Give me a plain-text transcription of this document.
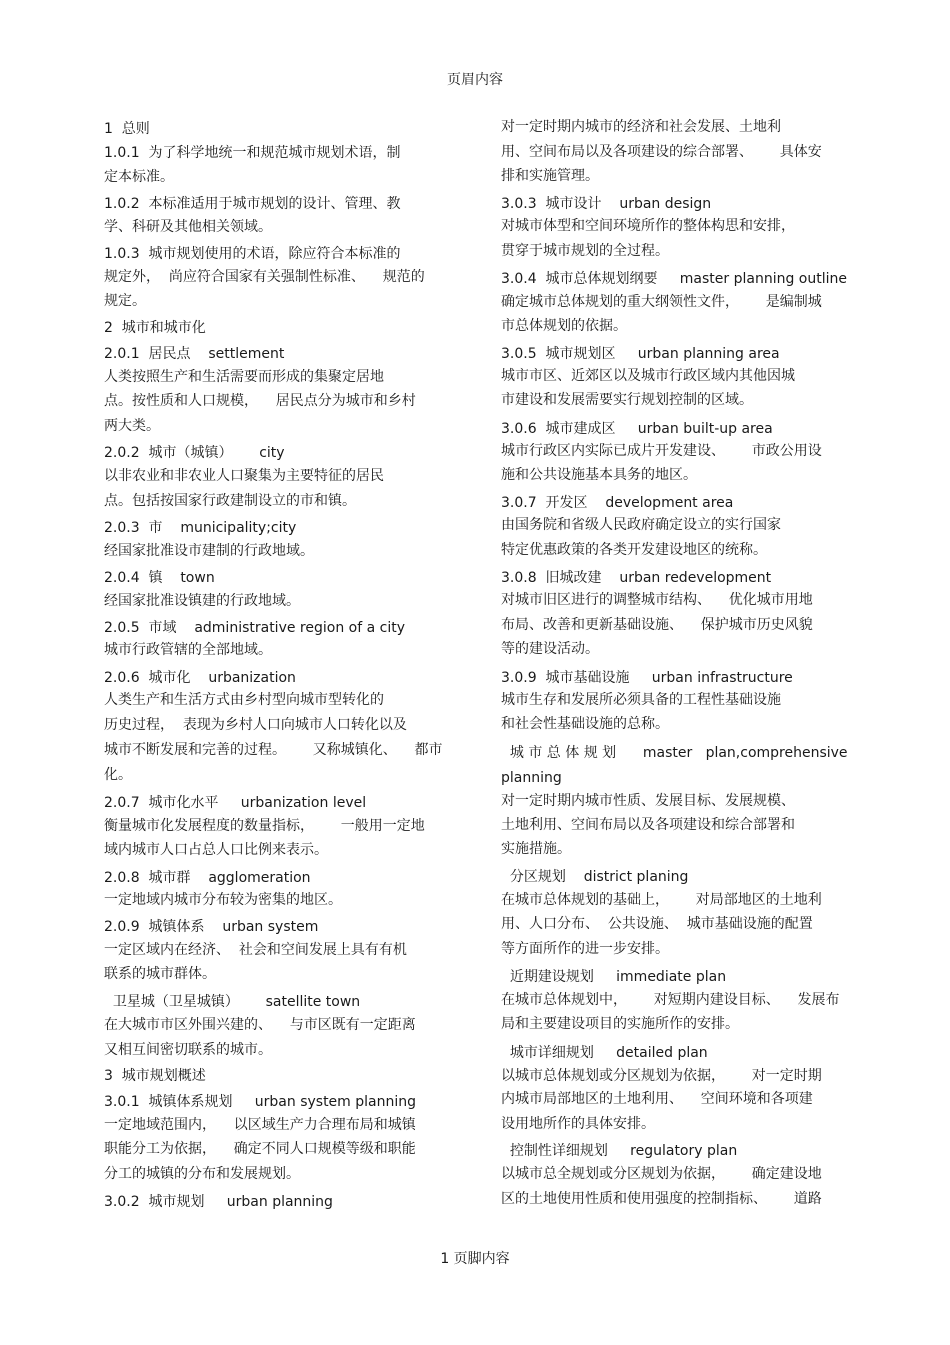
页眉内容
1  总则
1.0.1  为了科学地统一和规范城市规划术语，制
定本标准。
1.0.2  本标准适用于城市规划的设计、管理、教
学、科研及其他相关领域。
1.0.3  城市规划使用的术语，除应符合本标准的
规定外，  尚应符合国家有关强制性标准、    规范的
规定。
2  城市和城市化
2.0.1  居民点    settlement
人类按照生产和生活需要而形成的集聚定居地
点。按性质和人口规模，    居民点分为城市和乡村
两大类。
2.0.2  城市（城镇）      city
以非农业和非农业人口聚集为主要特征的居民
点。包括按国家行政建制设立的市和镇。
2.0.3  市    municipality;city
经国家批准设市建制的行政地域。
2.0.4  镇    town
经国家批准设镇建的行政地域。
2.0.5  市域    administrative region of a city
城市行政管辖的全部地域。
2.0.6  城市化    urbanization
人类生产和生活方式由乡村型向城市型转化的
历史过程，  表现为乡村人口向城市人口转化以及
城市不断发展和完善的过程。      又称城镇化、    都市
化。
2.0.7  城市化水平     urbanization level
衡量城市化发展程度的数量指标，      一般用一定地
域内城市人口占总人口比例来表示。
2.0.8  城市群    agglomeration
一定地域内城市分布较为密集的地区。
2.0.9  城镇体系    urban system
一定区域内在经济、  社会和空间发展上具有有机
联系的城市群体。
卫星城（卫星城镇）      satellite town
在大城市市区外围兴建的、    与市区既有一定距离
又相互间密切联系的城市。
3  城市规划概述
3.0.1  城镇体系规划     urban system planning
一定地域范围内，    以区域生产力合理布局和城镇
职能分工为依据，    确定不同人口规模等级和职能
分工的城镇的分布和发展规划。
3.0.2  城市规划     urban planning
对一定时期内城市的经济和社会发展、土地利
用、空间布局以及各项建设的综合部署、      具体安
排和实施管理。
3.0.3  城市设计    urban design
对城市体型和空间环境所作的整体构思和安排，
贯穿于城市规划的全过程。
3.0.4  城市总体规划纲要     master planning outline
确定城市总体规划的重大纲领性文件，      是编制城
市总体规划的依据。
3.0.5  城市规划区     urban planning area
城市市区、近郊区以及城市行政区域内其他因城
市建设和发展需要实行规划控制的区域。
3.0.6  城市建成区     urban built-up area
城市行政区内实际已成片开发建设、      市政公用设
施和公共设施基本具务的地区。
3.0.7  开发区    development area
由国务院和省级人民政府确定设立的实行国家
特定优惠政策的各类开发建设地区的统称。
3.0.8  旧城改建    urban redevelopment
对城市旧区进行的调整城市结构、    优化城市用地
布局、改善和更新基础设施、    保护城市历史风貌
等的建设活动。
3.0.9  城市基础设施     urban infrastructure
城市生存和发展所必须具备的工程性基础设施
和社会性基础设施的总称。
城 市 总 体 规 划      master   plan,comprehensive
planning
对一定时期内城市性质、发展目标、发展规模、
土地利用、空间布局以及各项建设和综合部署和
实施措施。
分区规划    district planing
在城市总体规划的基础上，      对局部地区的土地利
用、人口分布、  公共设施、  城市基础设施的配置
等方面所作的进一步安排。
近期建设规划     immediate plan
在城市总体规划中，      对短期内建设目标、    发展布
局和主要建设项目的实施所作的安排。
城市详细规划     detailed plan
以城市总体规划或分区规划为依据，      对一定时期
内城市局部地区的土地利用、    空间环境和各项建
设用地所作的具体安排。
控制性详细规划     regulatory plan
以城市总全规划或分区规划为依据，      确定建设地
区的土地使用性质和使用强度的控制指标、      道路
1 页脚内容
